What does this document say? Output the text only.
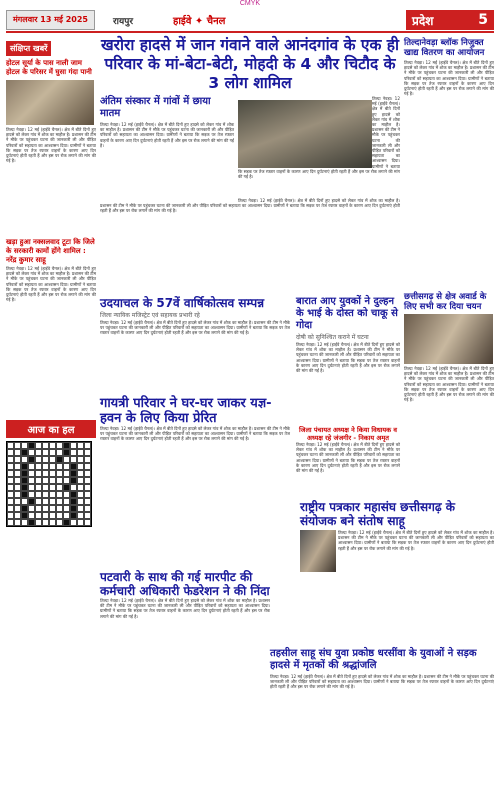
CMYK
मंगलवार 13 मई 2025	रायपुर	हाईवे ✦ चैनल	प्रदेश	5
संक्षिप्त खबरें
होटल सूर्या के पास नाली जाम होटल के परिसर में घुसा गंदा पानी
तिल्दा नेवड़ा। 12 मई (हाईवे चैनल)। क्षेत्र में बीते दिनों हुए हादसे को लेकर गांव में शोक का माहौल है। प्रशासन की टीम ने मौके पर पहुंचकर घटना की जानकारी ली और पीड़ित परिवारों को सहायता का आश्वासन दिया। ग्रामीणों ने बताया कि सड़क पर तेज रफ्तार वाहनों के कारण आए दिन दुर्घटनाएं होती रहती हैं और इस पर रोक लगाने की मांग की गई है।
खड़ा हुआ नक्सलवाद टूटा कि जिले के सरकारी कामों होंगे शामिल : नरेंद्र कुमार साहू
तिल्दा नेवड़ा। 12 मई (हाईवे चैनल)। क्षेत्र में बीते दिनों हुए हादसे को लेकर गांव में शोक का माहौल है। प्रशासन की टीम ने मौके पर पहुंचकर घटना की जानकारी ली और पीड़ित परिवारों को सहायता का आश्वासन दिया। ग्रामीणों ने बताया कि सड़क पर तेज रफ्तार वाहनों के कारण आए दिन दुर्घटनाएं होती रहती हैं और इस पर रोक लगाने की मांग की गई है।
आज का हल
खरोरा हादसे में जान गंवाने वाले आनंदगांव के एक ही परिवार के मां-बेटा-बेटी, मोहदी के 4 और चिटौद के 3 लोग शामिल
अंतिम संस्कार में गांवों में छाया मातम
तिल्दा नेवड़ा। 12 मई (हाईवे चैनल)। क्षेत्र में बीते दिनों हुए हादसे को लेकर गांव में शोक का माहौल है। प्रशासन की टीम ने मौके पर पहुंचकर घटना की जानकारी ली और पीड़ित परिवारों को सहायता का आश्वासन दिया। ग्रामीणों ने बताया कि सड़क पर तेज रफ्तार वाहनों के कारण आए दिन दुर्घटनाएं होती रहती हैं और इस पर रोक लगाने की मांग की गई है।
तिल्दा नेवड़ा। 12 मई (हाईवे चैनल)। क्षेत्र में बीते दिनों हुए हादसे को लेकर गांव में शोक का माहौल है। प्रशासन की टीम ने मौके पर पहुंचकर घटना की जानकारी ली और पीड़ित परिवारों को सहायता का आश्वासन दिया। ग्रामीणों ने बताया कि सड़क पर तेज रफ्तार वाहनों के कारण आए दिन दुर्घटनाएं होती रहती हैं और इस पर रोक लगाने की मांग की गई है।
तिल्दा नेवड़ा। 12 मई (हाईवे चैनल)। क्षेत्र में बीते दिनों हुए हादसे को लेकर गांव में शोक का माहौल है। प्रशासन की टीम ने मौके पर पहुंचकर घटना की जानकारी ली और पीड़ित परिवारों को सहायता का आश्वासन दिया। ग्रामीणों ने बताया कि सड़क पर तेज रफ्तार वाहनों के कारण आए दिन दुर्घटनाएं होती रहती हैं और इस पर रोक लगाने की मांग की गई है।
उदयाचल के 57वें वार्षिकोत्सव सम्पन्न
जिला न्यायिक मजिस्ट्रेट एवं सहायक प्रभारी रहे
तिल्दा नेवड़ा। 12 मई (हाईवे चैनल)। क्षेत्र में बीते दिनों हुए हादसे को लेकर गांव में शोक का माहौल है। प्रशासन की टीम ने मौके पर पहुंचकर घटना की जानकारी ली और पीड़ित परिवारों को सहायता का आश्वासन दिया। ग्रामीणों ने बताया कि सड़क पर तेज रफ्तार वाहनों के कारण आए दिन दुर्घटनाएं होती रहती हैं और इस पर रोक लगाने की मांग की गई है।
बारात आए युवकों ने दुल्हन के भाई के दोस्त को चाकू से गोदा
दोषी को सुनिश्चित कराने में घटना
तिल्दा नेवड़ा। 12 मई (हाईवे चैनल)। क्षेत्र में बीते दिनों हुए हादसे को लेकर गांव में शोक का माहौल है। प्रशासन की टीम ने मौके पर पहुंचकर घटना की जानकारी ली और पीड़ित परिवारों को सहायता का आश्वासन दिया। ग्रामीणों ने बताया कि सड़क पर तेज रफ्तार वाहनों के कारण आए दिन दुर्घटनाएं होती रहती हैं और इस पर रोक लगाने की मांग की गई है।
गायत्री परिवार ने घर-घर जाकर यज्ञ-हवन के लिए किया प्रेरित
तिल्दा नेवड़ा। 12 मई (हाईवे चैनल)। क्षेत्र में बीते दिनों हुए हादसे को लेकर गांव में शोक का माहौल है। प्रशासन की टीम ने मौके पर पहुंचकर घटना की जानकारी ली और पीड़ित परिवारों को सहायता का आश्वासन दिया। ग्रामीणों ने बताया कि सड़क पर तेज रफ्तार वाहनों के कारण आए दिन दुर्घटनाएं होती रहती हैं और इस पर रोक लगाने की मांग की गई है।
जिला पंचायत अध्यक्ष ने किया विधायक व अध्यक्ष रहे जंजगीर - निकाय अमृत
तिल्दा नेवड़ा। 12 मई (हाईवे चैनल)। क्षेत्र में बीते दिनों हुए हादसे को लेकर गांव में शोक का माहौल है। प्रशासन की टीम ने मौके पर पहुंचकर घटना की जानकारी ली और पीड़ित परिवारों को सहायता का आश्वासन दिया। ग्रामीणों ने बताया कि सड़क पर तेज रफ्तार वाहनों के कारण आए दिन दुर्घटनाएं होती रहती हैं और इस पर रोक लगाने की मांग की गई है।
पटवारी के साथ की गई मारपीट की कर्मचारी अधिकारी फेडरेशन ने की निंदा
तिल्दा नेवड़ा। 12 मई (हाईवे चैनल)। क्षेत्र में बीते दिनों हुए हादसे को लेकर गांव में शोक का माहौल है। प्रशासन की टीम ने मौके पर पहुंचकर घटना की जानकारी ली और पीड़ित परिवारों को सहायता का आश्वासन दिया। ग्रामीणों ने बताया कि सड़क पर तेज रफ्तार वाहनों के कारण आए दिन दुर्घटनाएं होती रहती हैं और इस पर रोक लगाने की मांग की गई है।
तिल्दानेवड़ा ब्लॉक निजुक्त खाद्य वितरण का आयोजन
तिल्दा नेवड़ा। 12 मई (हाईवे चैनल)। क्षेत्र में बीते दिनों हुए हादसे को लेकर गांव में शोक का माहौल है। प्रशासन की टीम ने मौके पर पहुंचकर घटना की जानकारी ली और पीड़ित परिवारों को सहायता का आश्वासन दिया। ग्रामीणों ने बताया कि सड़क पर तेज रफ्तार वाहनों के कारण आए दिन दुर्घटनाएं होती रहती हैं और इस पर रोक लगाने की मांग की गई है।
छत्तीसगढ़ से क्षेत्र अवार्ड के लिए सभी कर दिया चयन
तिल्दा नेवड़ा। 12 मई (हाईवे चैनल)। क्षेत्र में बीते दिनों हुए हादसे को लेकर गांव में शोक का माहौल है। प्रशासन की टीम ने मौके पर पहुंचकर घटना की जानकारी ली और पीड़ित परिवारों को सहायता का आश्वासन दिया। ग्रामीणों ने बताया कि सड़क पर तेज रफ्तार वाहनों के कारण आए दिन दुर्घटनाएं होती रहती हैं और इस पर रोक लगाने की मांग की गई है।
राष्ट्रीय पत्रकार महासंघ छत्तीसगढ़ के संयोजक बने संतोष साहू
तिल्दा नेवड़ा। 12 मई (हाईवे चैनल)। क्षेत्र में बीते दिनों हुए हादसे को लेकर गांव में शोक का माहौल है। प्रशासन की टीम ने मौके पर पहुंचकर घटना की जानकारी ली और पीड़ित परिवारों को सहायता का आश्वासन दिया। ग्रामीणों ने बताया कि सड़क पर तेज रफ्तार वाहनों के कारण आए दिन दुर्घटनाएं होती रहती हैं और इस पर रोक लगाने की मांग की गई है।
तहसील साहू संघ युवा प्रकोष्ठ धरसींवा के युवाओं ने सड़क हादसे में मृतकों की श्रद्धांजलि
तिल्दा नेवड़ा। 12 मई (हाईवे चैनल)। क्षेत्र में बीते दिनों हुए हादसे को लेकर गांव में शोक का माहौल है। प्रशासन की टीम ने मौके पर पहुंचकर घटना की जानकारी ली और पीड़ित परिवारों को सहायता का आश्वासन दिया। ग्रामीणों ने बताया कि सड़क पर तेज रफ्तार वाहनों के कारण आए दिन दुर्घटनाएं होती रहती हैं और इस पर रोक लगाने की मांग की गई है।
